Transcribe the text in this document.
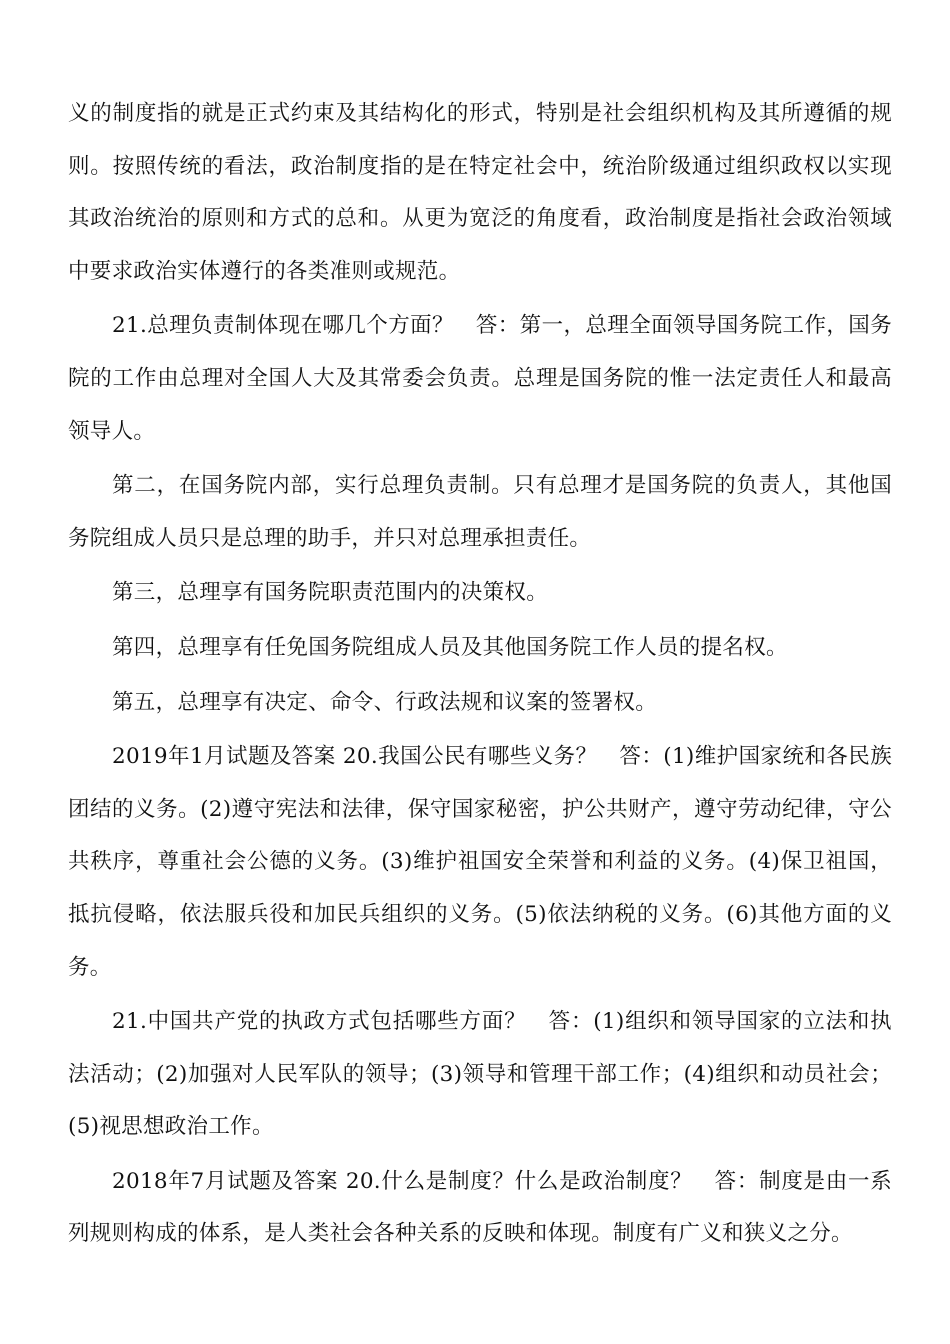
义的制度指的就是正式约束及其结构化的形式，特别是社会组织机构及其所遵循的规则。按照传统的看法，政治制度指的是在特定社会中，统治阶级通过组织政权以实现其政治统治的原则和方式的总和。从更为宽泛的角度看，政治制度是指社会政治领域中要求政治实体遵行的各类准则或规范。

21.总理负责制体现在哪几个方面？　答：第一，总理全面领导国务院工作，国务院的工作由总理对全国人大及其常委会负责。总理是国务院的惟一法定责任人和最高领导人。

第二，在国务院内部，实行总理负责制。只有总理才是国务院的负责人，其他国务院组成人员只是总理的助手，并只对总理承担责任。

第三，总理享有国务院职责范围内的决策权。

第四，总理享有任免国务院组成人员及其他国务院工作人员的提名权。

第五，总理享有决定、命令、行政法规和议案的签署权。

2019年1月试题及答案 20.我国公民有哪些义务？　答：(1)维护国家统和各民族团结的义务。(2)遵守宪法和法律，保守国家秘密，护公共财产，遵守劳动纪律，守公共秩序，尊重社会公德的义务。(3)维护祖国安全荣誉和利益的义务。(4)保卫祖国，抵抗侵略，依法服兵役和加民兵组织的义务。(5)依法纳税的义务。(6)其他方面的义务。

21.中国共产党的执政方式包括哪些方面？　答：(1)组织和领导国家的立法和执法活动；(2)加强对人民军队的领导；(3)领导和管理干部工作；(4)组织和动员社会；(5)视思想政治工作。

2018年7月试题及答案 20.什么是制度？什么是政治制度？　答：制度是由一系列规则构成的体系，是人类社会各种关系的反映和体现。制度有广义和狭义之分。
